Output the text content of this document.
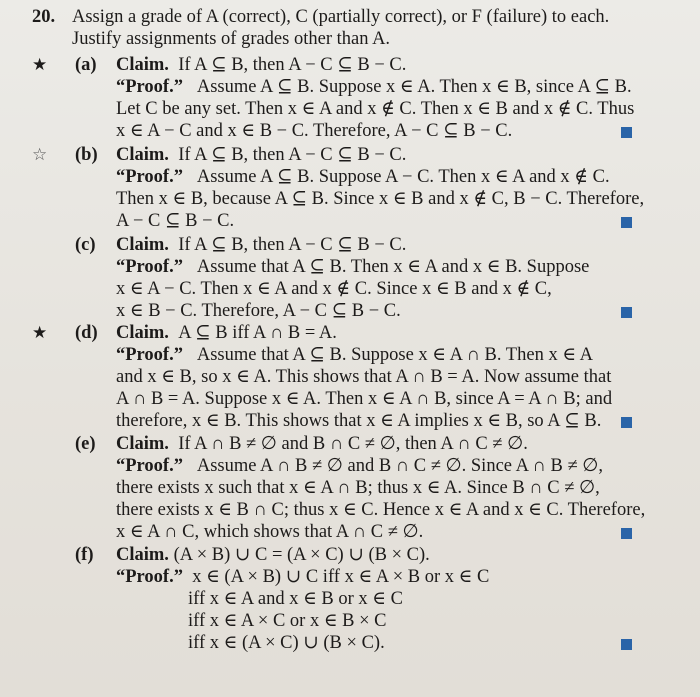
20. Assign a grade of A (correct), C (partially correct), or F (failure) to each.
Justify assignments of grades other than A.
★ (a) Claim. If A ⊆ B, then A − C ⊆ B − C.
“Proof.” Assume A ⊆ B. Suppose x ∈ A. Then x ∈ B, since A ⊆ B.
Let C be any set. Then x ∈ A and x ∉ C. Then x ∈ B and x ∉ C. Thus
x ∈ A − C and x ∈ B − C. Therefore, A − C ⊆ B − C.
☆ (b) Claim. If A ⊆ B, then A − C ⊆ B − C.
“Proof.” Assume A ⊆ B. Suppose A − C. Then x ∈ A and x ∉ C.
Then x ∈ B, because A ⊆ B. Since x ∈ B and x ∉ C, B − C. Therefore,
A − C ⊆ B − C.
(c) Claim. If A ⊆ B, then A − C ⊆ B − C.
“Proof.” Assume that A ⊆ B. Then x ∈ A and x ∈ B. Suppose
x ∈ A − C. Then x ∈ A and x ∉ C. Since x ∈ B and x ∉ C,
x ∈ B − C. Therefore, A − C ⊆ B − C.
★ (d) Claim. A ⊆ B iff A ∩ B = A.
“Proof.” Assume that A ⊆ B. Suppose x ∈ A ∩ B. Then x ∈ A
and x ∈ B, so x ∈ A. This shows that A ∩ B = A. Now assume that
A ∩ B = A. Suppose x ∈ A. Then x ∈ A ∩ B, since A = A ∩ B; and
therefore, x ∈ B. This shows that x ∈ A implies x ∈ B, so A ⊆ B.
(e) Claim. If A ∩ B ≠ ∅ and B ∩ C ≠ ∅, then A ∩ C ≠ ∅.
“Proof.” Assume A ∩ B ≠ ∅ and B ∩ C ≠ ∅. Since A ∩ B ≠ ∅,
there exists x such that x ∈ A ∩ B; thus x ∈ A. Since B ∩ C ≠ ∅,
there exists x ∈ B ∩ C; thus x ∈ C. Hence x ∈ A and x ∈ C. Therefore,
x ∈ A ∩ C, which shows that A ∩ C ≠ ∅.
(f) Claim. (A × B) ∪ C = (A × C) ∪ (B × C).
“Proof.” x ∈ (A × B) ∪ C iff x ∈ A × B or x ∈ C
iff x ∈ A and x ∈ B or x ∈ C
iff x ∈ A × C or x ∈ B × C
iff x ∈ (A × C) ∪ (B × C).
